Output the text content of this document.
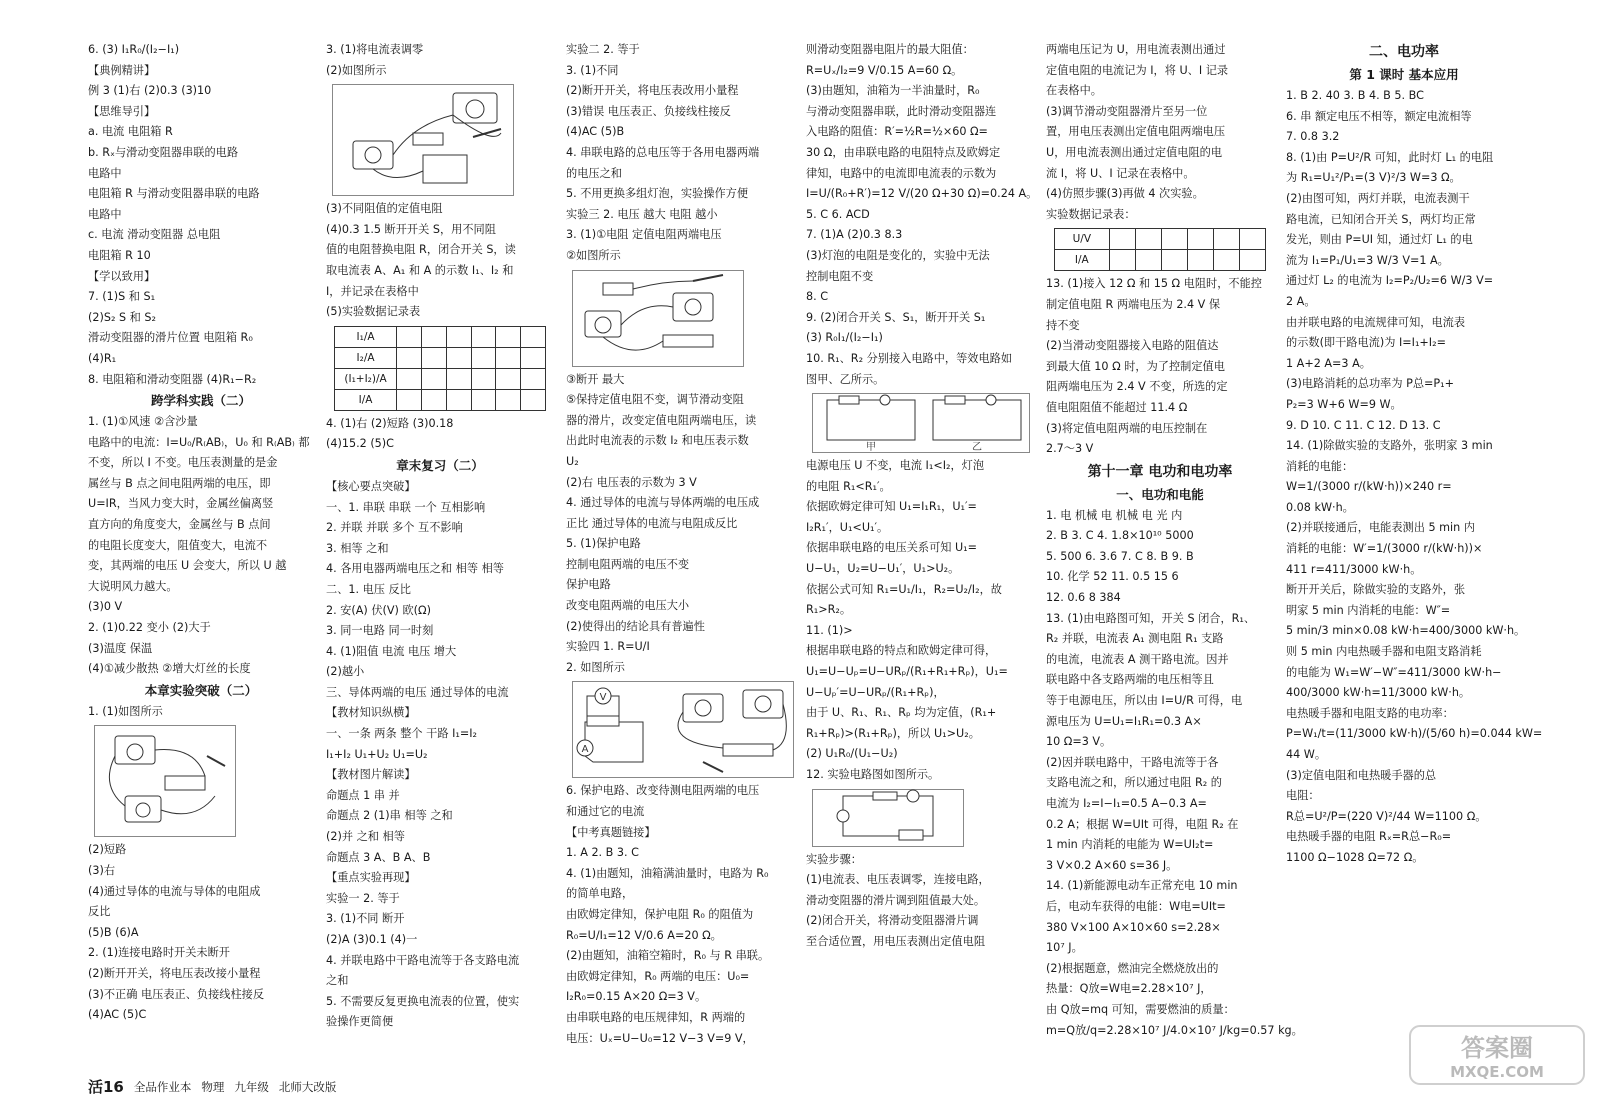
6. (3) I₁R₀/(I₂−I₁)
【典例精讲】
例 3 (1)右 (2)0.3 (3)10
【思维导引】
a. 电流 电阻箱 R
b. Rₓ与滑动变阻器串联的电路
电路中
电阻箱 R 与滑动变阻器串联的电路
电路中
c. 电流 滑动变阻器 总电阻
电阻箱 R 10
【学以致用】
7. (1)S 和 S₁
(2)S₂ S 和 S₂
滑动变阻器的滑片位置 电阻箱 R₀
(4)R₁
8. 电阻箱和滑动变阻器 (4)R₁−R₂
跨学科实践（二）
1. (1)①风速 ②含沙量
电路中的电流：I=U₀/R₍AB₎，U₀ 和 R₍AB₎ 都
不变，所以 I 不变。电压表测量的是金
属丝与 B 点之间电阻两端的电压，即
U=IR，当风力变大时，金属丝偏离竖
直方向的角度变大，金属丝与 B 点间
的电阻长度变大，阻值变大，电流不
变，其两端的电压 U 会变大，所以 U 越
大说明风力越大。
(3)0 V
2. (1)0.22 变小 (2)大于
(3)温度 保温
(4)①减少散热 ②增大灯丝的长度
本章实验突破（二）
1. (1)如图所示
(2)短路
(3)右
(4)通过导体的电流与导体的电阻成
反比
(5)B (6)A
2. (1)连接电路时开关未断开
(2)断开开关，将电压表改接小量程
(3)不正确 电压表正、负接线柱接反
(4)AC (5)C
3. (1)将电流表调零
(2)如图所示
(3)不同阻值的定值电阻
(4)0.3 1.5 断开开关 S，用不同阻
值的电阻替换电阻 R，闭合开关 S，读
取电流表 A、A₁ 和 A 的示数 I₁、I₂ 和
I，并记录在表格中
(5)实验数据记录表
I₁/A						
I₂/A						
(I₁+I₂)/A						
I/A						
4. (1)右 (2)短路 (3)0.18
(4)15.2 (5)C
章末复习（二）
【核心要点突破】
一、1. 串联 串联 一个 互相影响
2. 并联 并联 多个 互不影响
3. 相等 之和
4. 各用电器两端电压之和 相等 相等
二、1. 电压 反比
2. 安(A) 伏(V) 欧(Ω)
3. 同一电路 同一时刻
4. (1)阻值 电流 电压 增大
(2)越小
三、导体两端的电压 通过导体的电流
【教材知识纵横】
一、一条 两条 整个 干路 I₁=I₂
I₁+I₂ U₁+U₂ U₁=U₂
【教材图片解读】
命题点 1 串 并
命题点 2 (1)串 相等 之和
(2)并 之和 相等
命题点 3 A、B A、B
【重点实验再现】
实验一 2. 等于
3. (1)不同 断开
(2)A (3)0.1 (4)一
4. 并联电路中干路电流等于各支路电流
之和
5. 不需要反复更换电流表的位置，使实
验操作更简便
实验二 2. 等于
3. (1)不同
(2)断开开关，将电压表改用小量程
(3)错误 电压表正、负接线柱接反
(4)AC (5)B
4. 串联电路的总电压等于各用电器两端
的电压之和
5. 不用更换多组灯泡，实验操作方便
实验三 2. 电压 越大 电阻 越小
3. (1)①电阻 定值电阻两端电压
②如图所示
③断开 最大
⑤保持定值电阻不变，调节滑动变阻
器的滑片，改变定值电阻两端电压，读
出此时电流表的示数 I₂ 和电压表示数
U₂
(2)右 电压表的示数为 3 V
4. 通过导体的电流与导体两端的电压成
正比 通过导体的电流与电阻成反比
5. (1)保护电路
控制电阻两端的电压不变
保护电路
改变电阻两端的电压大小
(2)使得出的结论具有普遍性
实验四 1. R=U/I
2. 如图所示
V
A
6. 保护电路、改变待测电阻两端的电压
和通过它的电流
【中考真题链接】
1. A 2. B 3. C
4. (1)由题知，油箱满油量时，电路为 R₀
的简单电路，
由欧姆定律知，保护电阻 R₀ 的阻值为
R₀=U/I₁=12 V/0.6 A=20 Ω。
(2)由题知，油箱空箱时，R₀ 与 R 串联。
由欧姆定律知，R₀ 两端的电压：U₀=
I₂R₀=0.15 A×20 Ω=3 V。
由串联电路的电压规律知，R 两端的
电压：Uₓ=U−U₀=12 V−3 V=9 V，
则滑动变阻器电阻片的最大阻值：
R=Uₓ/I₂=9 V/0.15 A=60 Ω。
(3)由题知，油箱为一半油量时，R₀
与滑动变阻器串联，此时滑动变阻器连
入电路的阻值：R′=½R=½×60 Ω=
30 Ω，由串联电路的电阻特点及欧姆定
律知，电路中的电流即电流表的示数为
I=U/(R₀+R′)=12 V/(20 Ω+30 Ω)=0.24 A。
5. C 6. ACD
7. (1)A (2)0.3 8.3
(3)灯泡的电阻是变化的，实验中无法
控制电阻不变
8. C
9. (2)闭合开关 S、S₁，断开开关 S₁
(3) R₀I₁/(I₂−I₁)
10. R₁、R₂ 分别接入电路中，等效电路如
图甲、乙所示。
甲	乙
电源电压 U 不变，电流 I₁<I₂，灯泡
的电阻 R₁<R₁′。
依据欧姆定律可知 U₁=I₁R₁，U₁′=
I₂R₁′，U₁<U₁′。
依据串联电路的电压关系可知 U₁=
U−U₁，U₂=U−U₁′，U₁>U₂。
依据公式可知 R₁=U₁/I₁，R₂=U₂/I₂，故
R₁>R₂。
11. (1)>
根据串联电路的特点和欧姆定律可得，
U₁=U−Uₚ=U−URₚ/(R₁+R₁+Rₚ)，U₁=
U−Uₚ′=U−URₚ/(R₁+Rₚ)，
由于 U、R₁、R₁、Rₚ 均为定值，(R₁+
R₁+Rₚ)>(R₁+Rₚ)，所以 U₁>U₂。
(2) U₁R₀/(U₁−U₂)
12. 实验电路图如图所示。
实验步骤：
(1)电流表、电压表调零，连接电路，
滑动变阻器的滑片调到阻值最大处。
(2)闭合开关，将滑动变阻器滑片调
至合适位置，用电压表测出定值电阻
两端电压记为 U，用电流表测出通过
定值电阻的电流记为 I，将 U、I 记录
在表格中。
(3)调节滑动变阻器滑片至另一位
置，用电压表测出定值电阻两端电压
U，用电流表测出通过定值电阻的电
流 I，将 U、I 记录在表格中。
(4)仿照步骤(3)再做 4 次实验。
实验数据记录表：
U/V						
I/A						
13. (1)接入 12 Ω 和 15 Ω 电阻时，不能控
制定值电阻 R 两端电压为 2.4 V 保
持不变
(2)当滑动变阻器接入电路的阻值达
到最大值 10 Ω 时，为了控制定值电
阻两端电压为 2.4 V 不变，所选的定
值电阻阻值不能超过 11.4 Ω
(3)将定值电阻两端的电压控制在
2.7～3 V
第十一章 电功和电功率
一、电功和电能
1. 电 机械 电 机械 电 光 内
2. B 3. C 4. 1.8×10¹⁰ 5000
5. 500 6. 3.6 7. C 8. B 9. B
10. 化学 52 11. 0.5 15 6
12. 0.6 8 384
13. (1)由电路图可知，开关 S 闭合，R₁、
R₂ 并联，电流表 A₁ 测电阻 R₁ 支路
的电流，电流表 A 测干路电流。因并
联电路中各支路两端的电压相等且
等于电源电压，所以由 I=U/R 可得，电
源电压为 U=U₁=I₁R₁=0.3 A×
10 Ω=3 V。
(2)因并联电路中，干路电流等于各
支路电流之和，所以通过电阻 R₂ 的
电流为 I₂=I−I₁=0.5 A−0.3 A=
0.2 A；根据 W=UIt 可得，电阻 R₂ 在
1 min 内消耗的电能为 W=UI₂t=
3 V×0.2 A×60 s=36 J。
14. (1)新能源电动车正常充电 10 min
后，电动车获得的电能：W电=UIt=
380 V×100 A×10×60 s=2.28×
10⁷ J。
(2)根据题意，燃油完全燃烧放出的
热量：Q放=W电=2.28×10⁷ J，
由 Q放=mq 可知，需要燃油的质量：
m=Q放/q=2.28×10⁷ J/4.0×10⁷ J/kg=0.57 kg。
二、电功率
第 1 课时 基本应用
1. B 2. 40 3. B 4. B 5. BC
6. 串 额定电压不相等，额定电流相等
7. 0.8 3.2
8. (1)由 P=U²/R 可知，此时灯 L₁ 的电阻
为 R₁=U₁²/P₁=(3 V)²/3 W=3 Ω。
(2)由图可知，两灯并联，电流表测干
路电流，已知闭合开关 S，两灯均正常
发光，则由 P=UI 知，通过灯 L₁ 的电
流为 I₁=P₁/U₁=3 W/3 V=1 A。
通过灯 L₂ 的电流为 I₂=P₂/U₂=6 W/3 V=
2 A。
由并联电路的电流规律可知，电流表
的示数(即干路电流)为 I=I₁+I₂=
1 A+2 A=3 A。
(3)电路消耗的总功率为 P总=P₁+
P₂=3 W+6 W=9 W。
9. D 10. C 11. C 12. D 13. C
14. (1)除做实验的支路外，张明家 3 min
消耗的电能：
W=1/(3000 r/(kW·h))×240 r=
0.08 kW·h。
(2)并联接通后，电能表测出 5 min 内
消耗的电能：W′=1/(3000 r/(kW·h))×
411 r=411/3000 kW·h。
断开开关后，除做实验的支路外，张
明家 5 min 内消耗的电能：W″=
5 min/3 min×0.08 kW·h=400/3000 kW·h。
则 5 min 内电热暖手器和电阻支路消耗
的电能为 W₁=W′−W″=411/3000 kW·h−
400/3000 kW·h=11/3000 kW·h。
电热暖手器和电阻支路的电功率：
P=W₁/t=(11/3000 kW·h)/(5/60 h)=0.044 kW=
44 W。
(3)定值电阻和电热暖手器的总
电阻：
R总=U²/P=(220 V)²/44 W=1100 Ω。
电热暖手器的电阻 Rₓ=R总−R₀=
1100 Ω−1028 Ω=72 Ω。
活16 全品作业本 物理 九年级 北师大改版
答案圈
MXQE.COM
